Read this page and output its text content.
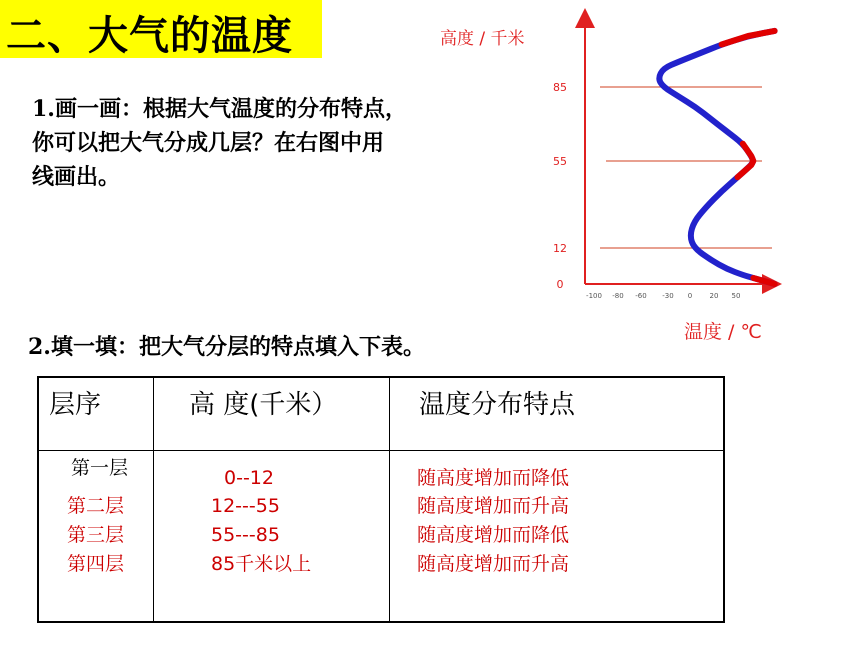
二、大气的温度
1.画一画：根据大气温度的分布特点，
你可以把大气分成几层？在右图中用
线画出。
2.填一填：把大气分层的特点填入下表。
-100 -80 -60 -30 0 20 50
0
12
55
85
高度 / 千米
温度 / ℃
层序	高 度(千米）	温度分布特点
第一层	0--12	随高度增加而降低
第二层	12---55	随高度增加而升高
第三层	55---85	随高度增加而降低
第四层	85千米以上	随高度增加而升高
